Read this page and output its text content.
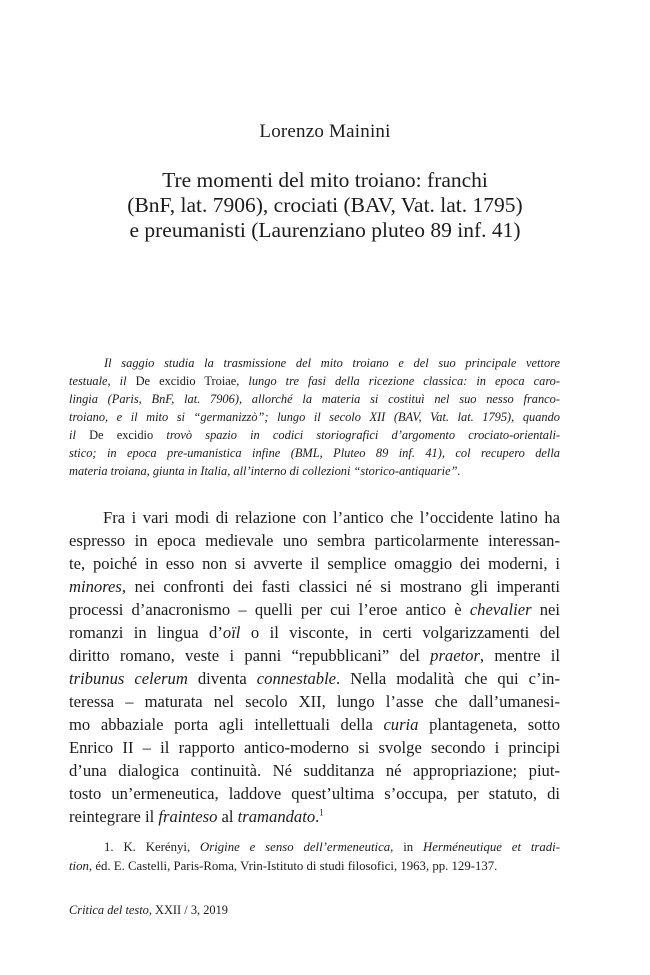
Lorenzo Mainini
Tre momenti del mito troiano: franchi
(BnF, lat. 7906), crociati (BAV, Vat. lat. 1795)
e preumanisti (Laurenziano pluteo 89 inf. 41)
Il saggio studia la trasmissione del mito troiano e del suo principale vettore
testuale, il De excidio Troiae, lungo tre fasi della ricezione classica: in epoca caro-
lingia (Paris, BnF, lat. 7906), allorché la materia si costituì nel suo nesso franco-
troiano, e il mito si “germanizzò”; lungo il secolo XII (BAV, Vat. lat. 1795), quando
il De excidio trovò spazio in codici storiografici d’argomento crociato-orientali-
stico; in epoca pre-umanistica infine (BML, Pluteo 89 inf. 41), col recupero della
materia troiana, giunta in Italia, all’interno di collezioni “storico-antiquarie”.
Fra i vari modi di relazione con l’antico che l’occidente latino ha
espresso in epoca medievale uno sembra particolarmente interessan-
te, poiché in esso non si avverte il semplice omaggio dei moderni, i
minores, nei confronti dei fasti classici né si mostrano gli imperanti
processi d’anacronismo – quelli per cui l’eroe antico è chevalier nei
romanzi in lingua d’oïl o il visconte, in certi volgarizzamenti del
diritto romano, veste i panni “repubblicani” del praetor, mentre il
tribunus celerum diventa connestable. Nella modalità che qui c’in-
teressa – maturata nel secolo XII, lungo l’asse che dall’umanesi-
mo abbaziale porta agli intellettuali della curia plantageneta, sotto
Enrico II – il rapporto antico-moderno si svolge secondo i principi
d’una dialogica continuità. Né sudditanza né appropriazione; piut-
tosto un’ermeneutica, laddove quest’ultima s’occupa, per statuto, di
reintegrare il frainteso al tramandato.$^1$
1. K. Kerényi, Origine e senso dell’ermeneutica, in Herméneutique et tradi-
tion, éd. E. Castelli, Paris-Roma, Vrin-Istituto di studi filosofici, 1963, pp. 129-137.
Critica del testo, XXII / 3, 2019
